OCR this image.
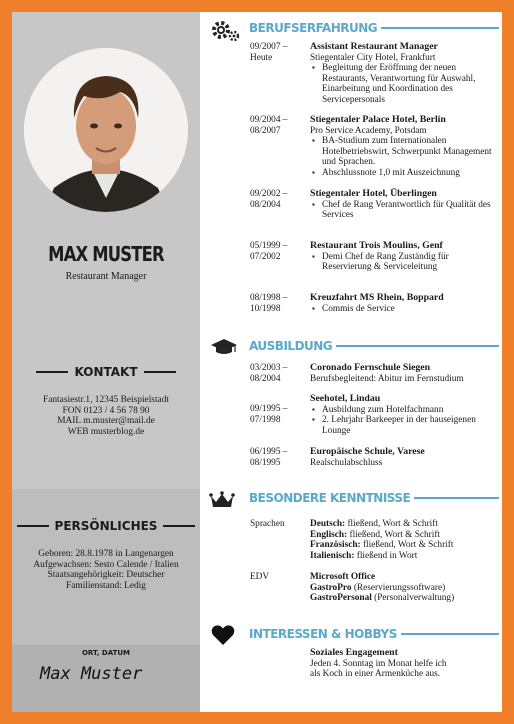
MAX MUSTER
Restaurant Manager
KONTAKT
Fantasiestr.1, 12345 Beispielstadt
FON 0123 / 4 56 78 90
MAIL m.muster@mail.de
WEB musterblog.de
PERSÖNLICHES
Geboren: 28.8.1978 in Langenargen
Aufgewachsen: Sesto Calende / Italien
Staatsangehörigkeit: Deutscher
Familienstand: Ledig
ORT, DATUM
Max Muster
BERUFSERFAHRUNG
09/2007 –
Heute
Assistant Restaurant Manager
Stiegentaler City Hotel, Frankfurt
▪ Begleitung der Eröffnung der neuen Restaurants, Verantwortung für Auswahl, Einarbeitung und Koordination des Servicepersonals
09/2004 –
08/2007
Stiegentaler Palace Hotel, Berlin
Pro Service Academy, Potsdam
▪ BA-Studium zum Internationalen Hotelbetriebswirt, Schwerpunkt Management und Sprachen.
▪ Abschlussnote 1,0 mit Auszeichnung
09/2002 –
08/2004
Stiegentaler Hotel, Überlingen
▪ Chef de Rang Verantwortlich für Qualität des Services
05/1999 –
07/2002
Restaurant Trois Moulins, Genf
▪ Demi Chef de Rang Zuständig für Reservierung & Serviceleitung
08/1998 –
10/1998
Kreuzfahrt MS Rhein, Boppard
▪ Commis de Service
AUSBILDUNG
03/2003 –
08/2004
Coronado Fernschule Siegen
Berufsbegleitend: Abitur im Fernstudium
09/1995 –
07/1998
Seehotel, Lindau
▪ Ausbildung zum Hotelfachmann
▪ 2. Lehrjahr Barkeeper in der hauseigenen Lounge
06/1995 –
08/1995
Europäische Schule, Varese
Realschulabschluss
BESONDERE KENNTNISSE
Sprachen	Deutsch: fließend, Wort & Schrift
Englisch: fließend, Wort & Schrift
Französisch: fließend, Wort & Schrift
Italienisch: fließend in Wort
EDV	Microsoft Office
GastroPro (Reservierungssoftware)
GastroPersonal (Personalverwaltung)
INTERESSEN & HOBBYS
Soziales Engagement
Jeden 4. Sonntag im Monat helfe ich
als Koch in einer Armenküche aus.
